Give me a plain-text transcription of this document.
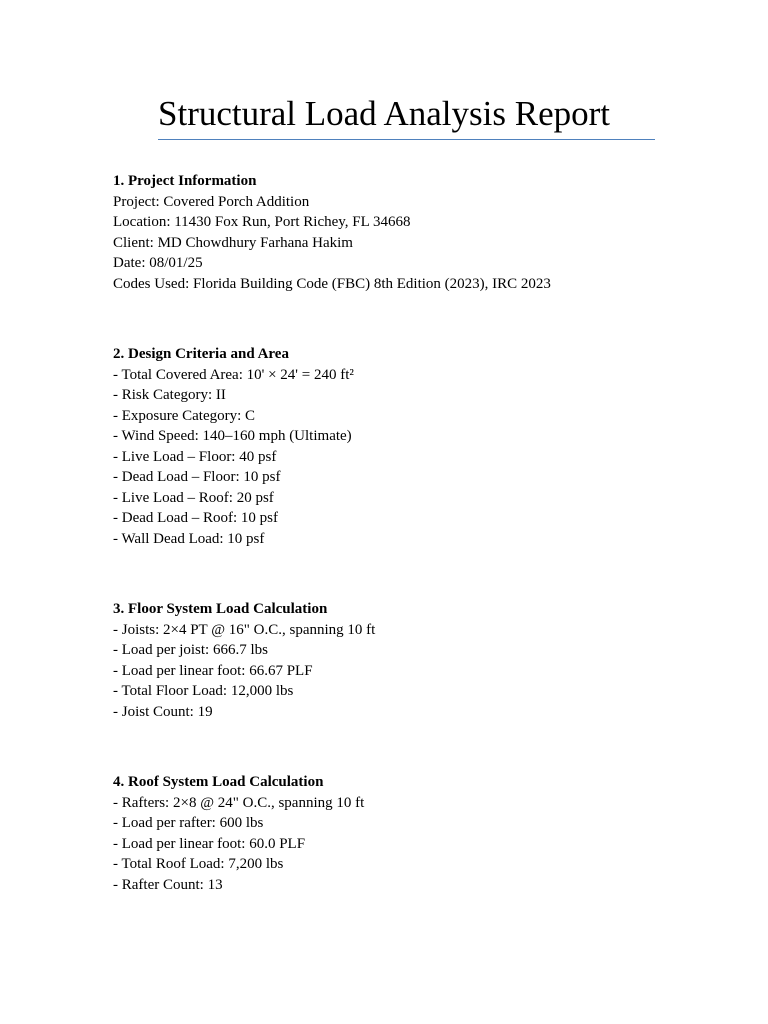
Structural Load Analysis Report

1. Project Information

Project: Covered Porch Addition

Location: 11430 Fox Run, Port Richey, FL 34668

Client: MD Chowdhury Farhana Hakim

Date: 08/01/25

Codes Used: Florida Building Code (FBC) 8th Edition (2023), IRC 2023

2. Design Criteria and Area

- Total Covered Area: 10' × 24' = 240 ft²

- Risk Category: II

- Exposure Category: C

- Wind Speed: 140–160 mph (Ultimate)

- Live Load – Floor: 40 psf

- Dead Load – Floor: 10 psf

- Live Load – Roof: 20 psf

- Dead Load – Roof: 10 psf

- Wall Dead Load: 10 psf

3. Floor System Load Calculation

- Joists: 2×4 PT @ 16" O.C., spanning 10 ft

- Load per joist: 666.7 lbs

- Load per linear foot: 66.67 PLF

- Total Floor Load: 12,000 lbs

- Joist Count: 19

4. Roof System Load Calculation

- Rafters: 2×8 @ 24" O.C., spanning 10 ft

- Load per rafter: 600 lbs

- Load per linear foot: 60.0 PLF

- Total Roof Load: 7,200 lbs

- Rafter Count: 13
